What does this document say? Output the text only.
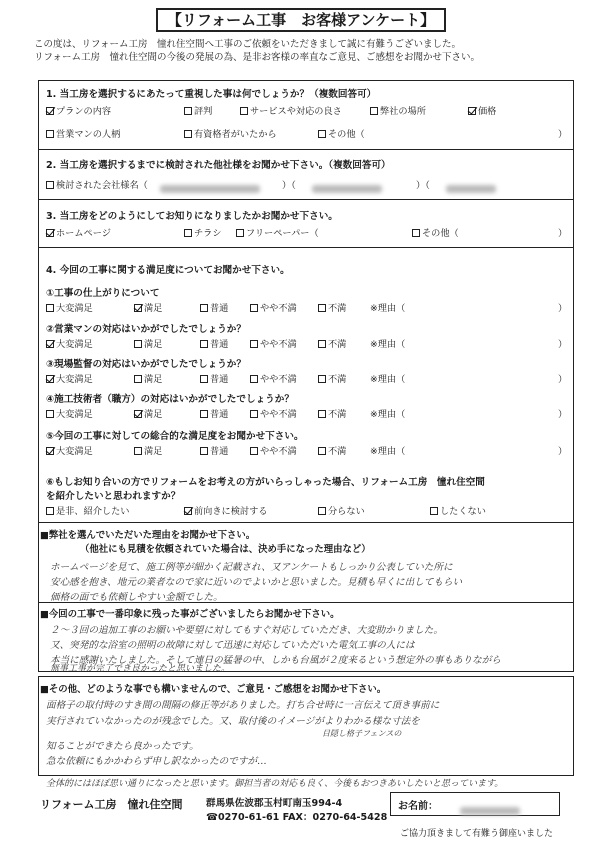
【リフォーム工事　お客様アンケート】
この度は、リフォーム工房　憧れ住空間へ工事のご依頼をいただきまして誠に有難うございました。
リフォーム工房　憧れ住空間の今後の発展の為、是非お客様の率直なご意見、ご感想をお聞かせ下さい。
1. 当工房を選択するにあたって重視した事は何でしょうか？（複数回答可）
プランの内容	評判	サービスや対応の良さ	弊社の場所	価格
営業マンの人柄	有資格者がいたから	その他（	）
2. 当工房を選択するまでに検討された他社様をお聞かせ下さい。（複数回答可）
検討された会社様名（	）（	）（
3. 当工房をどのようにしてお知りになりましたかお聞かせ下さい。
ホームページ	チラシ	フリーペーパー（	その他（	）
4. 今回の工事に関する満足度についてお聞かせ下さい。
①工事の仕上がりについて
大変満足	満足	普通	やや不満	不満	※理由（	）
②営業マンの対応はいかがでしたでしょうか？
大変満足	満足	普通	やや不満	不満	※理由（	）
③現場監督の対応はいかがでしたでしょうか？
大変満足	満足	普通	やや不満	不満	※理由（	）
④施工技術者（職方）の対応はいかがでしたでしょうか？
大変満足	満足	普通	やや不満	不満	※理由（	）
⑤今回の工事に対しての総合的な満足度をお聞かせ下さい。
大変満足	満足	普通	やや不満	不満	※理由（	）
⑥もしお知り合いの方でリフォームをお考えの方がいらっしゃった場合、リフォーム工房　憧れ住空間
を紹介したいと思われますか？
是非、紹介したい	前向きに検討する	分らない	したくない
■弊社を選んでいただいた理由をお聞かせ下さい。
（他社にも見積を依頼されていた場合は、決め手になった理由など）
ホームページを見て、施工例等が細かく記載され、又アンケートもしっかり公表していた所に
安心感を抱き、地元の業者なので家に近いのでよいかと思いました。見積も早くに出してもらい
価格の面でも依頼しやすい金額でした。
■今回の工事で一番印象に残った事がございましたらお聞かせ下さい。
２～３回の追加工事のお願いや要望に対してもすぐ対応していただき、大変助かりました。
又、突発的な浴室の照明の故障に対して迅速に対応していただいた電気工事の人には
本当に感謝いたしました。そして連日の猛暑の中、しかも台風が２度来るという想定外の事もありながら
無事工事が完了でき良かったと思いました。
■その他、どのような事でも構いませんので、ご意見・ご感想をお聞かせ下さい。
面格子の取付時のすき間の間隔の修正等がありました。打ち合せ時に一言伝えて頂き事前に
実行されていなかったのが残念でした。又、取付後のイメージがよりわかる様な寸法を
目隠し格子フェンスの
知ることができたら良かったです。
急な依頼にもかかわらず申し訳なかったのですが…
全体的にはほぼ思い通りになったと思います。御担当者の対応も良く、今後もおつきあいしたいと思っています。
リフォーム工房　憧れ住空間 群馬県佐波郡玉村町南玉994-4
☎0270-61-61 FAX：0270-64-5428
お名前：
ご協力頂きまして有難う御座いました
